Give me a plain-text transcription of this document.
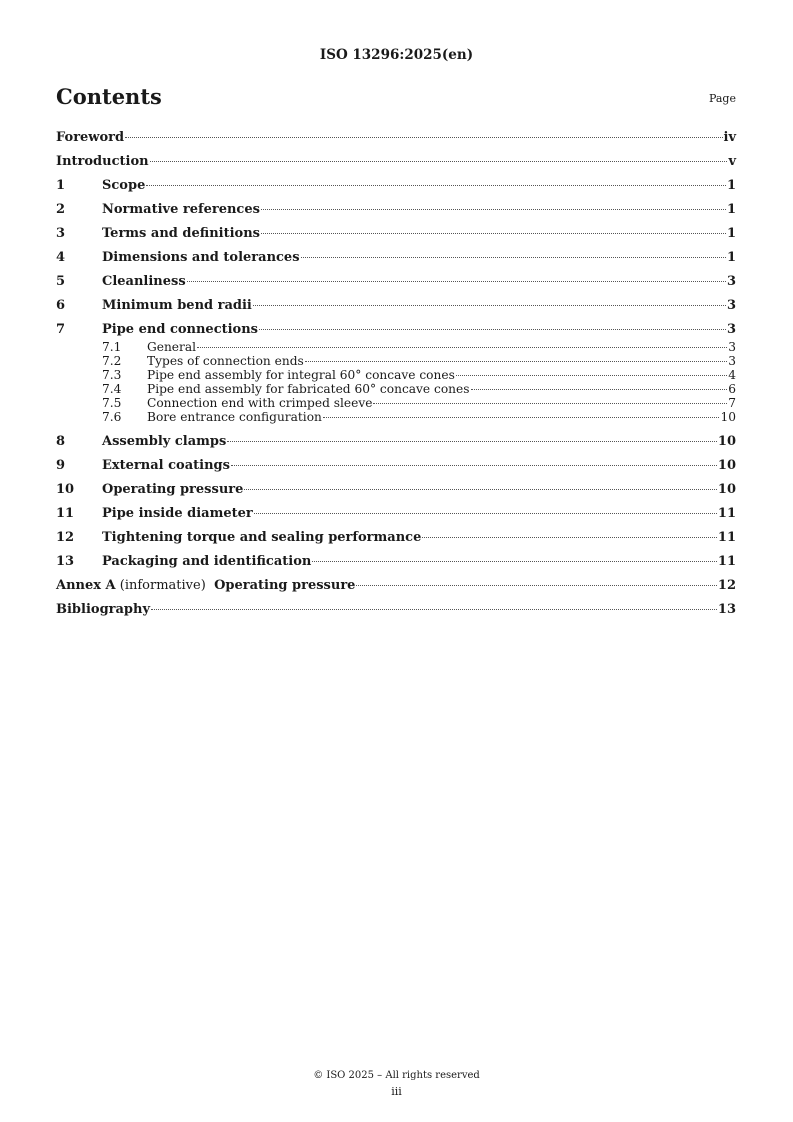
ISO 13296:2025(en)
Contents	Page
Foreword	iv
Introduction	v
1	Scope	1
2	Normative references	1
3	Terms and definitions	1
4	Dimensions and tolerances	1
5	Cleanliness	3
6	Minimum bend radii	3
7	Pipe end connections	3
7.1	General	3
7.2	Types of connection ends	3
7.3	Pipe end assembly for integral 60° concave cones	4
7.4	Pipe end assembly for fabricated 60° concave cones	6
7.5	Connection end with crimped sleeve	7
7.6	Bore entrance configuration	10
8	Assembly clamps	10
9	External coatings	10
10	Operating pressure	10
11	Pipe inside diameter	11
12	Tightening torque and sealing performance	11
13	Packaging and identification	11
Annex A (informative) Operating pressure	12
Bibliography	13
© ISO 2025 – All rights reserved
iii
